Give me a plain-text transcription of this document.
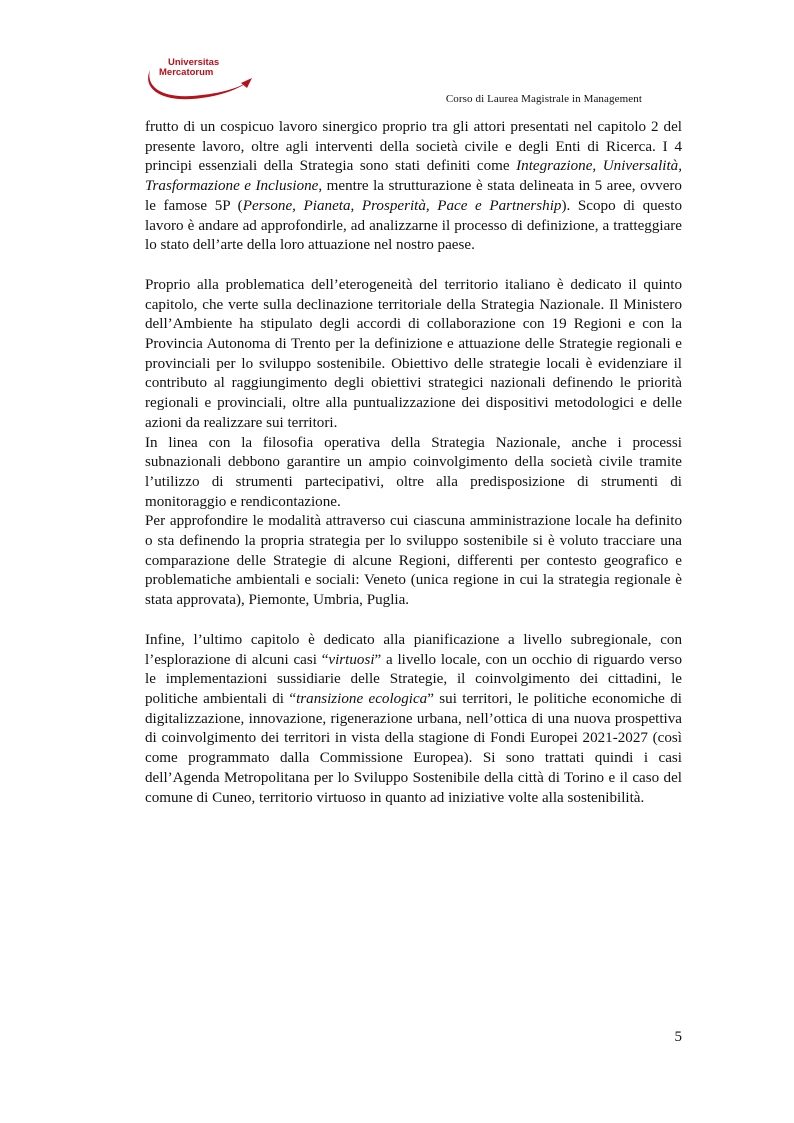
Universitas
Mercatorum
Corso di Laurea Magistrale in Management

frutto di un cospicuo lavoro sinergico proprio tra gli attori presentati nel capitolo 2 del presente lavoro, oltre agli interventi della società civile e degli Enti di Ricerca. I 4 principi essenziali della Strategia sono stati definiti come Integrazione, Universalità, Trasformazione e Inclusione, mentre la strutturazione è stata delineata in 5 aree, ovvero le famose 5P (Persone, Pianeta, Prosperità, Pace e Partnership). Scopo di questo lavoro è andare ad approfondirle, ad analizzarne il processo di definizione, a tratteggiare lo stato dell’arte della loro attuazione nel nostro paese.

Proprio alla problematica dell’eterogeneità del territorio italiano è dedicato il quinto capitolo, che verte sulla declinazione territoriale della Strategia Nazionale. Il Ministero dell’Ambiente ha stipulato degli accordi di collaborazione con 19 Regioni e con la Provincia Autonoma di Trento per la definizione e attuazione delle Strategie regionali e provinciali per lo sviluppo sostenibile. Obiettivo delle strategie locali è evidenziare il contributo al raggiungimento degli obiettivi strategici nazionali definendo le priorità regionali e provinciali, oltre alla puntualizzazione dei dispositivi metodologici e delle azioni da realizzare sui territori.

In linea con la filosofia operativa della Strategia Nazionale, anche i processi subnazionali debbono garantire un ampio coinvolgimento della società civile tramite l’utilizzo di strumenti partecipativi, oltre alla predisposizione di strumenti di monitoraggio e rendicontazione.

Per approfondire le modalità attraverso cui ciascuna amministrazione locale ha definito o sta definendo la propria strategia per lo sviluppo sostenibile si è voluto tracciare una comparazione delle Strategie di alcune Regioni, differenti per contesto geografico e problematiche ambientali e sociali: Veneto (unica regione in cui la strategia regionale è stata approvata), Piemonte, Umbria, Puglia.

Infine, l’ultimo capitolo è dedicato alla pianificazione a livello subregionale, con l’esplorazione di alcuni casi “virtuosi” a livello locale, con un occhio di riguardo verso le implementazioni sussidiarie delle Strategie, il coinvolgimento dei cittadini, le politiche ambientali di “transizione ecologica” sui territori, le politiche economiche di digitalizzazione, innovazione, rigenerazione urbana, nell’ottica di una nuova prospettiva di coinvolgimento dei territori in vista della stagione di Fondi Europei 2021-2027 (così come programmato dalla Commissione Europea). Si sono trattati quindi i casi dell’Agenda Metropolitana per lo Sviluppo Sostenibile della città di Torino e il caso del comune di Cuneo, territorio virtuoso in quanto ad iniziative volte alla sostenibilità.

5
